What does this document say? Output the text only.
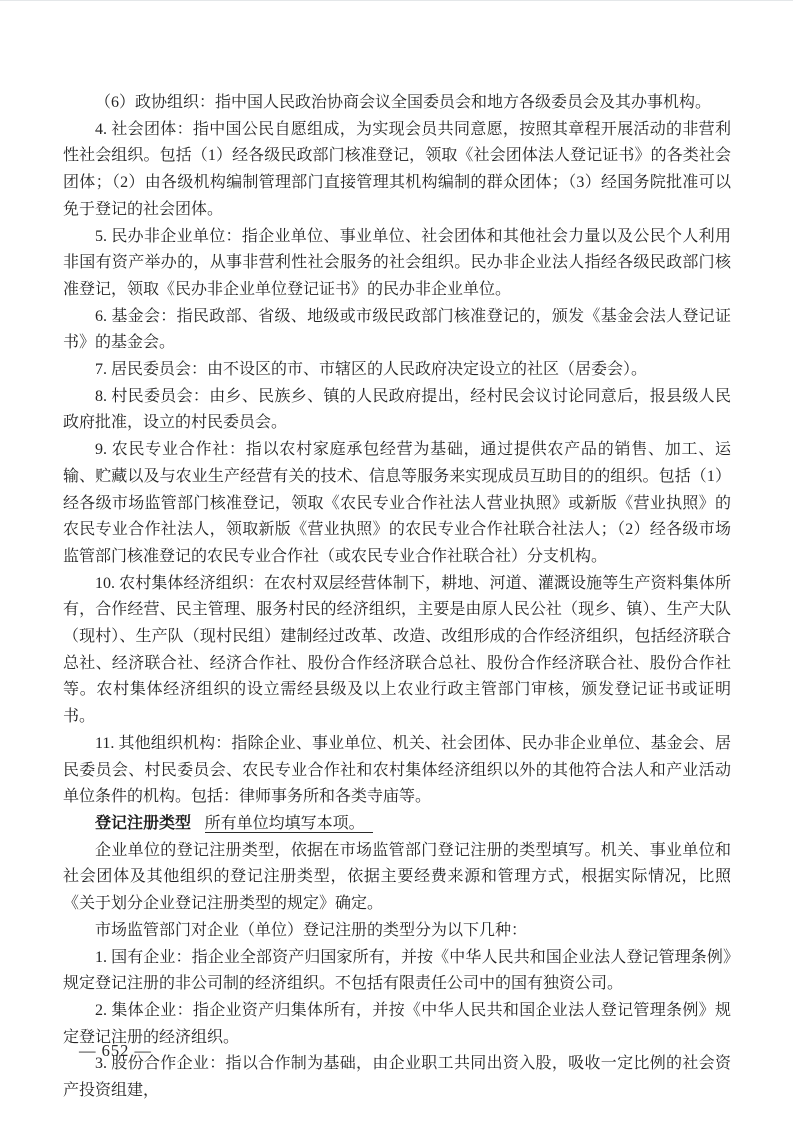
（6）政协组织：指中国人民政治协商会议全国委员会和地方各级委员会及其办事机构。

4. 社会团体：指中国公民自愿组成，为实现会员共同意愿，按照其章程开展活动的非营利性社会组织。包括（1）经各级民政部门核准登记，领取《社会团体法人登记证书》的各类社会团体；（2）由各级机构编制管理部门直接管理其机构编制的群众团体；（3）经国务院批准可以免于登记的社会团体。

5. 民办非企业单位：指企业单位、事业单位、社会团体和其他社会力量以及公民个人利用非国有资产举办的，从事非营利性社会服务的社会组织。民办非企业法人指经各级民政部门核准登记，领取《民办非企业单位登记证书》的民办非企业单位。

6. 基金会：指民政部、省级、地级或市级民政部门核准登记的，颁发《基金会法人登记证书》的基金会。

7. 居民委员会：由不设区的市、市辖区的人民政府决定设立的社区（居委会）。

8. 村民委员会：由乡、民族乡、镇的人民政府提出，经村民会议讨论同意后，报县级人民政府批准，设立的村民委员会。

9. 农民专业合作社：指以农村家庭承包经营为基础，通过提供农产品的销售、加工、运输、贮藏以及与农业生产经营有关的技术、信息等服务来实现成员互助目的的组织。包括（1）经各级市场监管部门核准登记，领取《农民专业合作社法人营业执照》或新版《营业执照》的农民专业合作社法人，领取新版《营业执照》的农民专业合作社联合社法人；（2）经各级市场监管部门核准登记的农民专业合作社（或农民专业合作社联合社）分支机构。

10. 农村集体经济组织：在农村双层经营体制下，耕地、河道、灌溉设施等生产资料集体所有，合作经营、民主管理、服务村民的经济组织，主要是由原人民公社（现乡、镇）、生产大队（现村）、生产队（现村民组）建制经过改革、改造、改组形成的合作经济组织，包括经济联合总社、经济联合社、经济合作社、股份合作经济联合总社、股份合作经济联合社、股份合作社等。农村集体经济组织的设立需经县级及以上农业行政主管部门审核，颁发登记证书或证明书。

11. 其他组织机构：指除企业、事业单位、机关、社会团体、民办非企业单位、基金会、居民委员会、村民委员会、农民专业合作社和农村集体经济组织以外的其他符合法人和产业活动单位条件的机构。包括：律师事务所和各类寺庙等。

登记注册类型 所有单位均填写本项。

企业单位的登记注册类型，依据在市场监管部门登记注册的类型填写。机关、事业单位和社会团体及其他组织的登记注册类型，依据主要经费来源和管理方式，根据实际情况，比照《关于划分企业登记注册类型的规定》确定。

市场监管部门对企业（单位）登记注册的类型分为以下几种：

1. 国有企业：指企业全部资产归国家所有，并按《中华人民共和国企业法人登记管理条例》规定登记注册的非公司制的经济组织。不包括有限责任公司中的国有独资公司。

2. 集体企业：指企业资产归集体所有，并按《中华人民共和国企业法人登记管理条例》规定登记注册的经济组织。

3. 股份合作企业：指以合作制为基础，由企业职工共同出资入股，吸收一定比例的社会资产投资组建，

— 652 —
